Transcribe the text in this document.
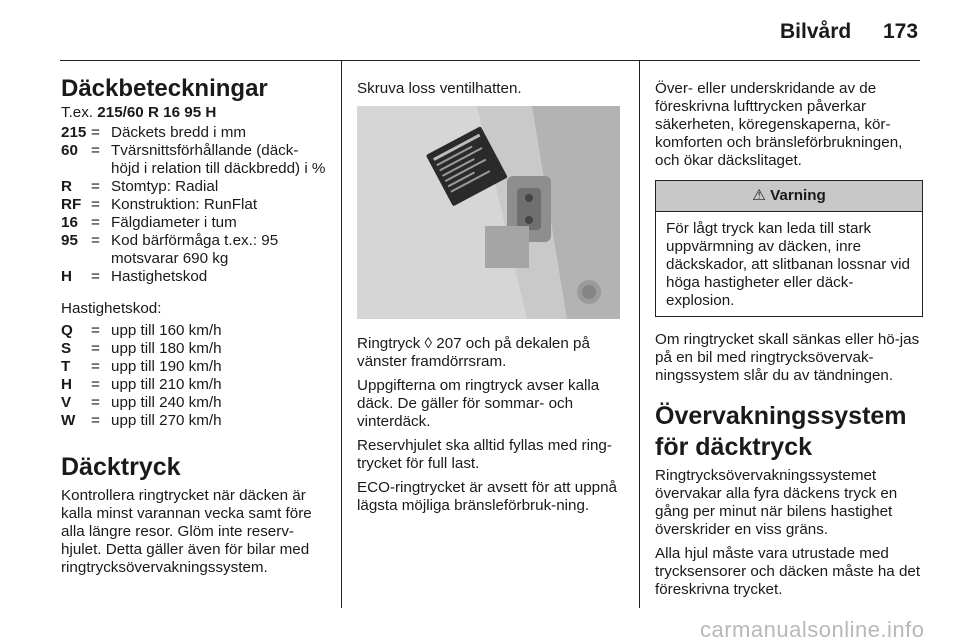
Bilvård 173
Däckbeteckningar

T.ex. 215/60 R 16 95 H

215 = Däckets bredd i mm
60 = Tvärsnittsförhållande (däck-höjd i relation till däckbredd) i %
R	= Stomtyp: Radial
RF = Konstruktion: RunFlat
16 = Fälgdiameter i tum
95 = Kod bärförmåga t.ex.: 95 motsvarar 690 kg
H	= Hastighetskod

Hastighetskod:

Q	= upp till 160 km/h
S	= upp till 180 km/h
T	= upp till 190 km/h
H	= upp till 210 km/h
V	= upp till 240 km/h
W	= upp till 270 km/h
Däcktryck

Kontrollera ringtrycket när däcken är kalla minst varannan vecka samt före alla längre resor. Glöm inte reserv-hjulet. Detta gäller även för bilar med ringtrycksövervakningssystem.

Skruva loss ventilhatten.

Ringtryck ◊ 207 och på dekalen på vänster framdörrsram.

Uppgifterna om ringtryck avser kalla däck. De gäller för sommar- och vinterdäck.

Reservhjulet ska alltid fyllas med ring-trycket för full last.

ECO-ringtrycket är avsett för att uppnå lägsta möjliga bränsleförbruk-ning.

Över- eller underskridande av de föreskrivna lufttrycken påverkar säkerheten, köregenskaperna, kör-komforten och bränsleförbrukningen, och ökar däckslitaget.

⚠ Varning
För lågt tryck kan leda till stark uppvärmning av däcken, inre däckskador, att slitbanan lossnar vid höga hastigheter eller däck-explosion.

Om ringtrycket skall sänkas eller hö-jas på en bil med ringtrycksövervak-ningssystem slår du av tändningen.

Övervakningssystem för däcktryck

Ringtrycksövervakningssystemet övervakar alla fyra däckens tryck en gång per minut när bilens hastighet överskrider en viss gräns.

Alla hjul måste vara utrustade med trycksensorer och däcken måste ha det föreskrivna trycket.

carmanualsonline.info
